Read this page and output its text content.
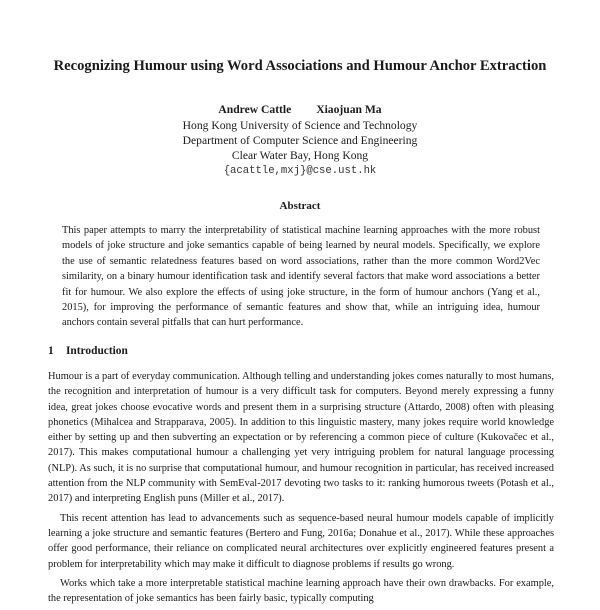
Recognizing Humour using Word Associations and Humour Anchor Extraction
Andrew Cattle Xiaojuan Ma
Hong Kong University of Science and Technology
Department of Computer Science and Engineering
Clear Water Bay, Hong Kong
{acattle,mxj}@cse.ust.hk
Abstract
This paper attempts to marry the interpretability of statistical machine learning approaches with the more robust models of joke structure and joke semantics capable of being learned by neural models. Specifically, we explore the use of semantic relatedness features based on word associations, rather than the more common Word2Vec similarity, on a binary humour identification task and identify several factors that make word associations a better fit for humour. We also explore the effects of using joke structure, in the form of humour anchors (Yang et al., 2015), for improving the performance of semantic features and show that, while an intriguing idea, humour anchors contain several pitfalls that can hurt performance.
1 Introduction

Humour is a part of everyday communication. Although telling and understanding jokes comes naturally to most humans, the recognition and interpretation of humour is a very difficult task for computers. Beyond merely expressing a funny idea, great jokes choose evocative words and present them in a surprising structure (Attardo, 2008) often with pleasing phonetics (Mihalcea and Strapparava, 2005). In addition to this linguistic mastery, many jokes require world knowledge either by setting up and then subverting an expectation or by referencing a common piece of culture (Kukovačec et al., 2017). This makes computational humour a challenging yet very intriguing problem for natural language processing (NLP). As such, it is no surprise that computational humour, and humour recognition in particular, has received increased attention from the NLP community with SemEval-2017 devoting two tasks to it: ranking humorous tweets (Potash et al., 2017) and interpreting English puns (Miller et al., 2017).

This recent attention has lead to advancements such as sequence-based neural humour models capable of implicitly learning a joke structure and semantic features (Bertero and Fung, 2016a; Donahue et al., 2017). While these approaches offer good performance, their reliance on complicated neural architectures over explicitly engineered features present a problem for interpretability which may make it difficult to diagnose problems if results go wrong.

Works which take a more interpretable statistical machine learning approach have their own drawbacks. For example, the representation of joke semantics has been fairly basic, typically computing
